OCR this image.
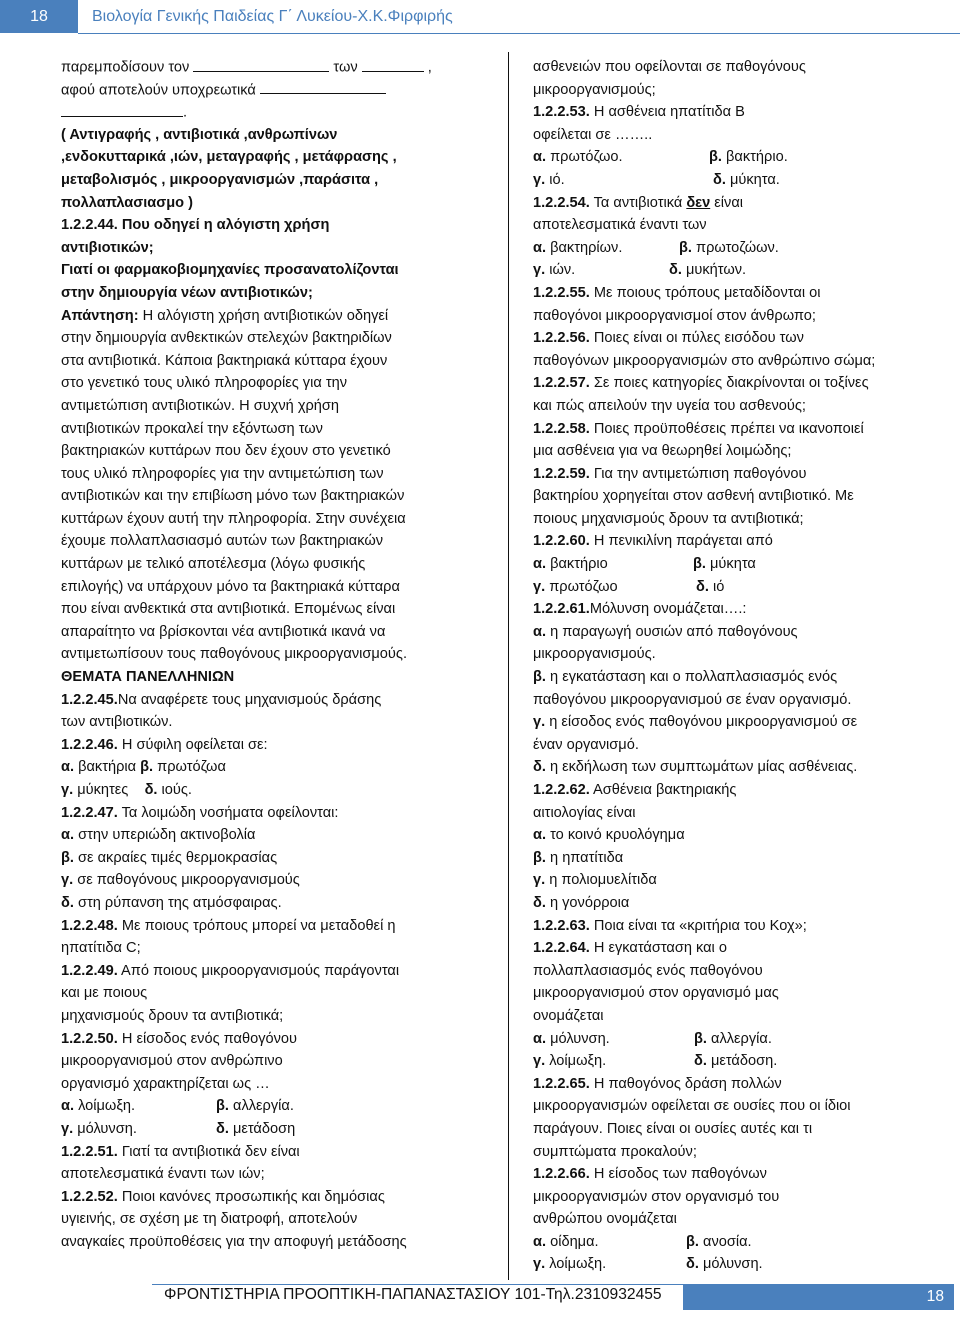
18	Βιολογία Γενικής Παιδείας Γ΄ Λυκείου-Χ.Κ.Φιρφιρής
παρεμποδίσουν τον	των	,
αφού αποτελούν υποχρεωτικά
.
( Αντιγραφής , αντιβιοτικά ,ανθρωπίνων
,ενδοκυτταρικά ,ιών, μεταγραφής , μετάφρασης ,
μεταβολισμός , μικροοργανισμών ,παράσιτα ,
πολλαπλασιασμο )
1.2.2.44. Που οδηγεί η αλόγιστη χρήση
αντιβιοτικών;
Γιατί οι φαρμακοβιομηχανίες προσανατολίζονται
στην δημιουργία νέων αντιβιοτικών;
Απάντηση: Η αλόγιστη χρήση αντιβιοτικών οδηγεί
στην δημιουργία ανθεκτικών στελεχών βακτηριδίων
στα αντιβιοτικά. Κάποια βακτηριακά κύτταρα έχουν
στο γενετικό τους υλικό πληροφορίες για την
αντιμετώπιση αντιβιοτικών. Η συχνή χρήση
αντιβιοτικών προκαλεί την εξόντωση των
βακτηριακών κυττάρων που δεν έχουν στο γενετικό
τους υλικό πληροφορίες για την αντιμετώπιση των
αντιβιοτικών και την επιβίωση μόνο των βακτηριακών
κυττάρων έχουν αυτή την πληροφορία. Στην συνέχεια
έχουμε πολλαπλασιασμό αυτών των βακτηριακών
κυττάρων με τελικό αποτέλεσμα (λόγω φυσικής
επιλογής) να υπάρχουν μόνο τα βακτηριακά κύτταρα
που είναι ανθεκτικά στα αντιβιοτικά. Επομένως είναι
απαραίτητο να βρίσκονται νέα αντιβιοτικά ικανά να
αντιμετωπίσουν τους παθογόνους μικροοργανισμούς.
ΘΕΜΑΤΑ ΠΑΝΕΛΛΗΝΙΩΝ
1.2.2.45.Να αναφέρετε τους μηχανισμούς δράσης
των αντιβιοτικών.
1.2.2.46. Η σύφιλη οφείλεται σε:
α. βακτήρια β. πρωτόζωα
γ. μύκητες    δ. ιούς.
1.2.2.47. Τα λοιμώδη νοσήματα οφείλονται:
α. στην υπεριώδη ακτινοβολία
β. σε ακραίες τιμές θερμοκρασίας
γ. σε παθογόνους μικροοργανισμούς
δ. στη ρύπανση της ατμόσφαιρας.
1.2.2.48. Με ποιους τρόπους μπορεί να μεταδοθεί η
ηπατίτιδα C;
1.2.2.49. Από ποιους μικροοργανισμούς παράγονται
και με ποιους
μηχανισμούς δρουν τα αντιβιοτικά;
1.2.2.50. Η είσοδος ενός παθογόνου
μικροοργανισμού στον ανθρώπινο
οργανισμό χαρακτηρίζεται ως …
α. λοίμωξη.	β. αλλεργία.
γ. μόλυνση.	δ. μετάδοση
1.2.2.51. Γιατί τα αντιβιοτικά δεν είναι
αποτελεσματικά έναντι των ιών;
1.2.2.52. Ποιοι κανόνες προσωπικής και δημόσιας
υγιεινής, σε σχέση με τη διατροφή, αποτελούν
αναγκαίες προϋποθέσεις για την αποφυγή μετάδοσης
ασθενειών που οφείλονται σε παθογόνους
μικροοργανισμούς;
1.2.2.53. Η ασθένεια ηπατίτιδα Β
οφείλεται σε ……..
α. πρωτόζωο.	β. βακτήριο.
γ. ιό.	δ. μύκητα.
1.2.2.54. Τα αντιβιοτικά δεν είναι
αποτελεσματικά έναντι των
α. βακτηρίων.	β. πρωτοζώων.
γ. ιών.	δ. μυκήτων.
1.2.2.55. Με ποιους τρόπους μεταδίδονται οι
παθογόνοι μικροοργανισμοί στον άνθρωπο;
1.2.2.56. Ποιες είναι οι πύλες εισόδου των
παθογόνων μικροοργανισμών στο ανθρώπινο σώμα;
1.2.2.57. Σε ποιες κατηγορίες διακρίνονται οι τοξίνες
και πώς απειλούν την υγεία του ασθενούς;
1.2.2.58. Ποιες προϋποθέσεις πρέπει να ικανοποιεί
μια ασθένεια για να θεωρηθεί λοιμώδης;
1.2.2.59. Για την αντιμετώπιση παθογόνου
βακτηρίου χορηγείται στον ασθενή αντιβιοτικό. Με
ποιους μηχανισμούς δρουν τα αντιβιοτικά;
1.2.2.60. Η πενικιλίνη παράγεται από
α. βακτήριο	β. μύκητα
γ. πρωτόζωο	δ. ιό
1.2.2.61.Μόλυνση ονομάζεται….:
α. η παραγωγή ουσιών από παθογόνους
μικροοργανισμούς.
β. η εγκατάσταση και ο πολλαπλασιασμός ενός
παθογόνου μικροοργανισμού σε έναν οργανισμό.
γ. η είσοδος ενός παθογόνου μικροοργανισμού σε
έναν οργανισμό.
δ. η εκδήλωση των συμπτωμάτων μίας ασθένειας.
1.2.2.62. Ασθένεια βακτηριακής
αιτιολογίας είναι
α. το κοινό κρυολόγημα
β. η ηπατίτιδα
γ. η πολιομυελίτιδα
δ. η γονόρροια
1.2.2.63. Ποια είναι τα «κριτήρια του Κοχ»;
1.2.2.64. Η εγκατάσταση και ο
πολλαπλασιασμός ενός παθογόνου
μικροοργανισμού στον οργανισμό μας
ονομάζεται
α. μόλυνση.	β. αλλεργία.
γ. λοίμωξη.	δ. μετάδοση.
1.2.2.65. Η παθογόνος δράση πολλών
μικροοργανισμών οφείλεται σε ουσίες που οι ίδιοι
παράγουν. Ποιες είναι οι ουσίες αυτές και τι
συμπτώματα προκαλούν;
1.2.2.66. Η είσοδος των παθογόνων
μικροοργανισμών στον οργανισμό του
ανθρώπου ονομάζεται
α. οίδημα.	β. ανοσία.
γ. λοίμωξη.	δ. μόλυνση.
ΦΡΟΝΤΙΣΤΗΡΙΑ ΠΡΟΟΠΤΙΚΗ-ΠΑΠΑΝΑΣΤΑΣΙΟΥ 101-Τηλ.2310932455	18
